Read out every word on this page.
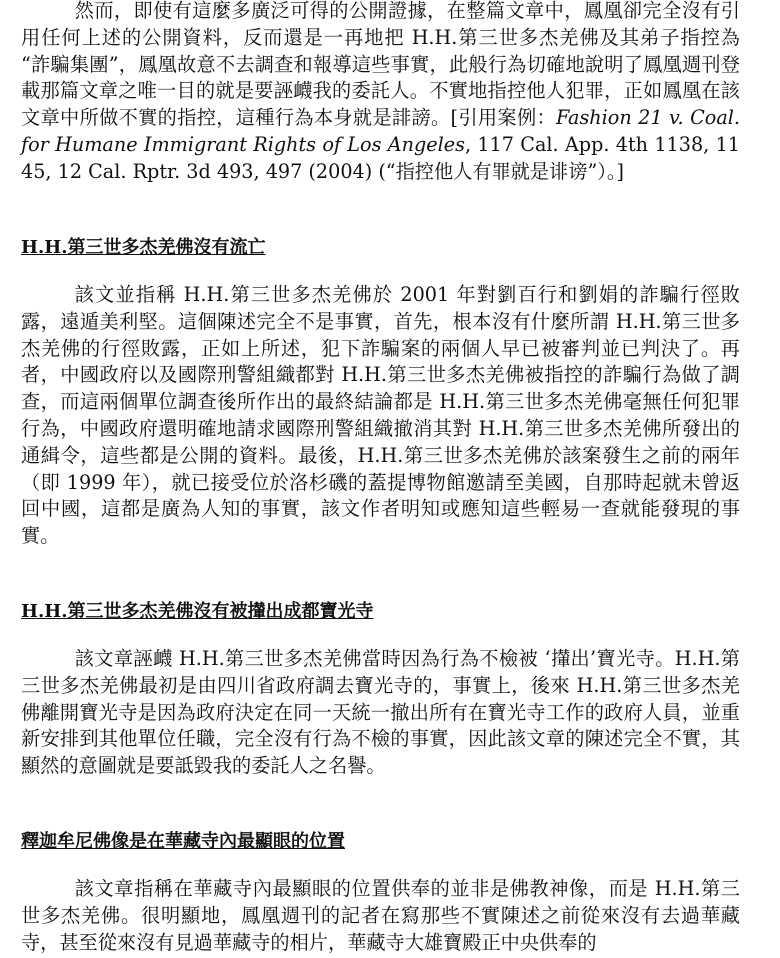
然而，即使有這麼多廣泛可得的公開證據，在整篇文章中，鳳凰卻完全沒有引用任何上述的公開資料，反而還是一再地把 H.H.第三世多杰羌佛及其弟子指控為 “詐騙集團”，鳳凰故意不去調查和報導這些事實，此般行為切確地說明了鳳凰週刊登載那篇文章之唯一目的就是要誣衊我的委託人。不實地指控他人犯罪，正如鳳凰在該文章中所做不實的指控，這種行為本身就是誹謗。[引用案例：Fashion 21 v. Coal. for Humane Immigrant Rights of Los Angeles, 117 Cal. App. 4th 1138, 1145, 12 Cal. Rptr. 3d 493, 497 (2004) (“指控他人有罪就是诽谤”）。]

H.H.第三世多杰羌佛沒有流亡

該文並指稱 H.H.第三世多杰羌佛於 2001 年對劉百行和劉娟的詐騙行徑敗露，遠遁美利堅。這個陳述完全不是事實，首先，根本沒有什麼所謂 H.H.第三世多杰羌佛的行徑敗露，正如上所述，犯下詐騙案的兩個人早已被審判並已判決了。再者，中國政府以及國際刑警組織都對 H.H.第三世多杰羌佛被指控的詐騙行為做了調查，而這兩個單位調查後所作出的最終結論都是 H.H.第三世多杰羌佛毫無任何犯罪行為，中國政府還明確地請求國際刑警組織撤消其對 H.H.第三世多杰羌佛所發出的通緝令，這些都是公開的資料。最後，H.H.第三世多杰羌佛於該案發生之前的兩年（即 1999 年），就已接受位於洛杉磯的蓋提博物館邀請至美國，自那時起就未曾返回中國，這都是廣為人知的事實，該文作者明知或應知這些輕易一查就能發現的事實。

H.H.第三世多杰羌佛沒有被攆出成都寶光寺

該文章誣衊 H.H.第三世多杰羌佛當時因為行為不檢被 ‘攆出’寶光寺。H.H.第三世多杰羌佛最初是由四川省政府調去寶光寺的，事實上，後來 H.H.第三世多杰羌佛離開寶光寺是因為政府決定在同一天統一撤出所有在寶光寺工作的政府人員，並重新安排到其他單位任職，完全沒有行為不檢的事實，因此該文章的陳述完全不實，其顯然的意圖就是要詆毀我的委託人之名譽。

釋迦牟尼佛像是在華藏寺內最顯眼的位置

該文章指稱在華藏寺內最顯眼的位置供奉的並非是佛教神像，而是 H.H.第三世多杰羌佛。很明顯地，鳳凰週刊的記者在寫那些不實陳述之前從來沒有去過華藏寺，甚至從來沒有見過華藏寺的相片，華藏寺大雄寶殿正中央供奉的
